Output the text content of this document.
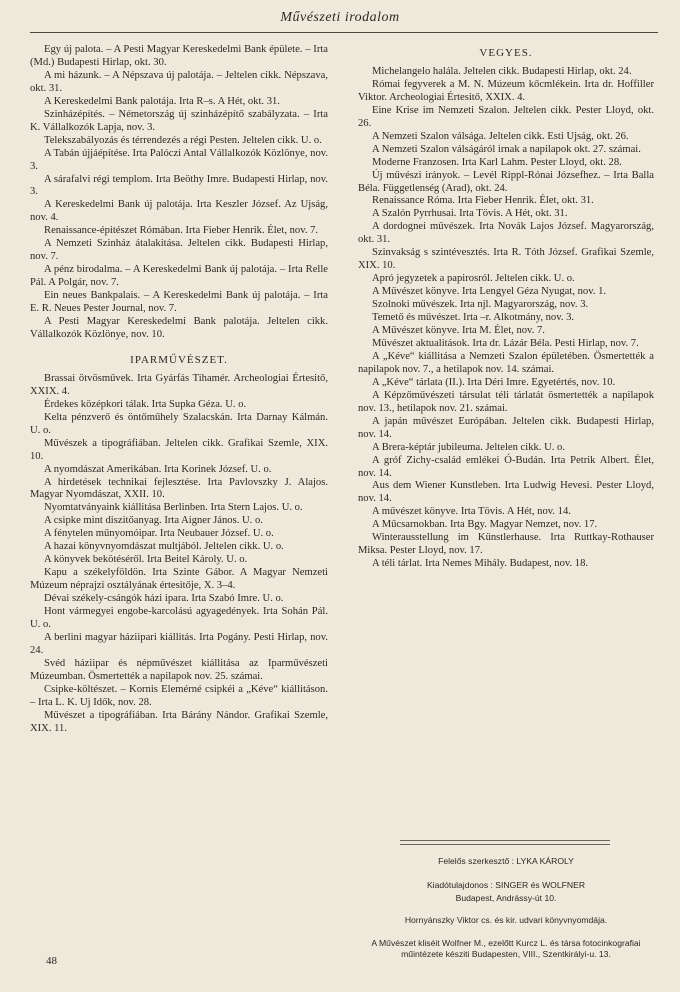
Művészeti irodalom

Egy új palota. – A Pesti Magyar Kereskedelmi Bank épülete. – Irta (Md.) Budapesti Hirlap, okt. 30.

A mi házunk. – A Népszava új palotája. – Jeltelen cikk. Népszava, okt. 31.

A Kereskedelmi Bank palotája. Irta R–s. A Hét, okt. 31.

Szinházépítés. – Németország új szinházépítő szabályzata. – Irta K. Vállalkozók Lapja, nov. 3.

Telekszabályozás és térrendezés a régi Pesten. Jeltelen cikk. U. o.

A Tabán újjáépítése. Irta Palóczi Antal Vállalkozók Közlönye, nov. 3.

A sárafalvi régi templom. Irta Beöthy Imre. Budapesti Hirlap, nov. 3.

A Kereskedelmi Bank új palotája. Irta Keszler József. Az Ujság, nov. 4.

Renaissance-épitészet Rómában. Irta Fieber Henrik. Élet, nov. 7.

A Nemzeti Szinház átalakitása. Jeltelen cikk. Budapesti Hirlap, nov. 7.

A pénz birodalma. – A Kereskedelmi Bank új palotája. – Irta Relle Pál. A Polgár, nov. 7.

Ein neues Bankpalais. – A Kereskedelmi Bank új palotája. – Irta E. R. Neues Pester Journal, nov. 7.

A Pesti Magyar Kereskedelmi Bank palotája. Jeltelen cikk. Vállalkozók Közlönye, nov. 10.

IPARMŰVÉSZET.

Brassai ötvösművek. Irta Gyárfás Tihamér. Archeologiai Értesitő, XXIX. 4.

Érdekes középkori tálak. Irta Supka Géza. U. o.

Kelta pénzverő és öntőműhely Szalacskán. Irta Darnay Kálmán. U. o.

Művészek a tipográfiában. Jeltelen cikk. Grafikai Szemle, XIX. 10.

A nyomdászat Amerikában. Irta Korinek József. U. o.

A hirdetések technikai fejlesztése. Irta Pavlovszky J. Alajos. Magyar Nyomdászat, XXII. 10.

Nyomtatványaink kiállitása Berlinben. Irta Stern Lajos. U. o.

A csipke mint diszitőanyag. Irta Aigner János. U. o.

A fénytelen műnyomóipar. Irta Neubauer József. U. o.

A hazai könyvnyomdászat multjából. Jeltelen cikk. U. o.

A könyvek bekötéséről. Irta Beitel Károly. U. o.

Kapu a székelyföldön. Irta Szinte Gábor. A Magyar Nemzeti Múzeum néprajzi osztályának értesitője, X. 3–4.

Dévai székely-csángók házi ipara. Irta Szabó Imre. U. o.

Hont vármegyei engobe-karcolású agyagedények. Irta Sohán Pál. U. o.

A berlini magyar háziipari kiállitás. Irta Pogány. Pesti Hirlap, nov. 24.

Svéd háziipar és népművészet kiállitása az Iparművészeti Múzeumban. Ösmertették a napilapok nov. 25. számai.

Csipke-költészet. – Kornis Elemérné csipkéi a „Kéve“ kiállitáson. – Irta L. K. Uj Idők, nov. 28.

Művészet a tipográfiában. Irta Bárány Nándor. Grafikai Szemle, XIX. 11.

VEGYES.

Michelangelo halála. Jeltelen cikk. Budapesti Hirlap, okt. 24.

Római fegyverek a M. N. Múzeum kőcmlékein. Irta dr. Hoffiller Viktor. Archeologiai Értesitő, XXIX. 4.

Eine Krise im Nemzeti Szalon. Jeltelen cikk. Pester Lloyd, okt. 26.

A Nemzeti Szalon válsága. Jeltelen cikk. Esti Ujság, okt. 26.

A Nemzeti Szalon válságáról irnak a napilapok okt. 27. számai.

Moderne Franzosen. Irta Karl Lahm. Pester Lloyd, okt. 28.

Új művészi irányok. – Levél Rippl-Rónai Józsefhez. – Irta Balla Béla. Függetlenség (Arad), okt. 24.

Renaissance Róma. Irta Fieber Henrik. Élet, okt. 31.

A Szalón Pyrrhusai. Irta Tövis. A Hét, okt. 31.

A dordognei művészek. Irta Novák Lajos József. Magyarország, okt. 31.

Szinvakság s szintévesztés. Irta R. Tóth József. Grafikai Szemle, XIX. 10.

Apró jegyzetek a papirosról. Jeltelen cikk. U. o.

A Művészet könyve. Irta Lengyel Géza Nyugat, nov. 1.

Szolnoki művészek. Irta njl. Magyarország, nov. 3.

Temető és művészet. Irta –r. Alkotmány, nov. 3.

A Művészet könyve. Irta M. Élet, nov. 7.

Művészet aktualitások. Irta dr. Lázár Béla. Pesti Hirlap, nov. 7.

A „Kéve“ kiállitása a Nemzeti Szalon épületében. Ösmertették a napilapok nov. 7., a hetilapok nov. 14. számai.

A „Kéve“ tárlata (II.). Irta Déri Imre. Egyetértés, nov. 10.

A Képzőművészeti társulat téli tárlatát ösmertették a napilapok nov. 13., hetilapok nov. 21. számai.

A japán művészet Európában. Jeltelen cikk. Budapesti Hirlap, nov. 14.

A Brera-képtár jubileuma. Jeltelen cikk. U. o.

A gróf Zichy-család emlékei Ó-Budán. Irta Petrik Albert. Élet, nov. 14.

Aus dem Wiener Kunstleben. Irta Ludwig Hevesi. Pester Lloyd, nov. 14.

A művészet könyve. Irta Tövis. A Hét, nov. 14.

A Műcsarnokban. Irta Bgy. Magyar Nemzet, nov. 17.

Winterausstellung im Künstlerhause. Irta Ruttkay-Rothauser Miksa. Pester Lloyd, nov. 17.

A téli tárlat. Irta Nemes Mihály. Budapest, nov. 18.

Felelős szerkesztő : LYKA KÁROLY
Kiadótulajdonos : SINGER és WOLFNER
Budapest, Andrássy-út 10.
Hornyánszky Viktor cs. és kir. udvari könyvnyomdája.
A Művészet kliséit Wolfner M., ezelőtt Kurcz L. és társa fotocinkografiai műintézete késziti Budapesten, VIII., Szentkirályi-u. 13.
48
